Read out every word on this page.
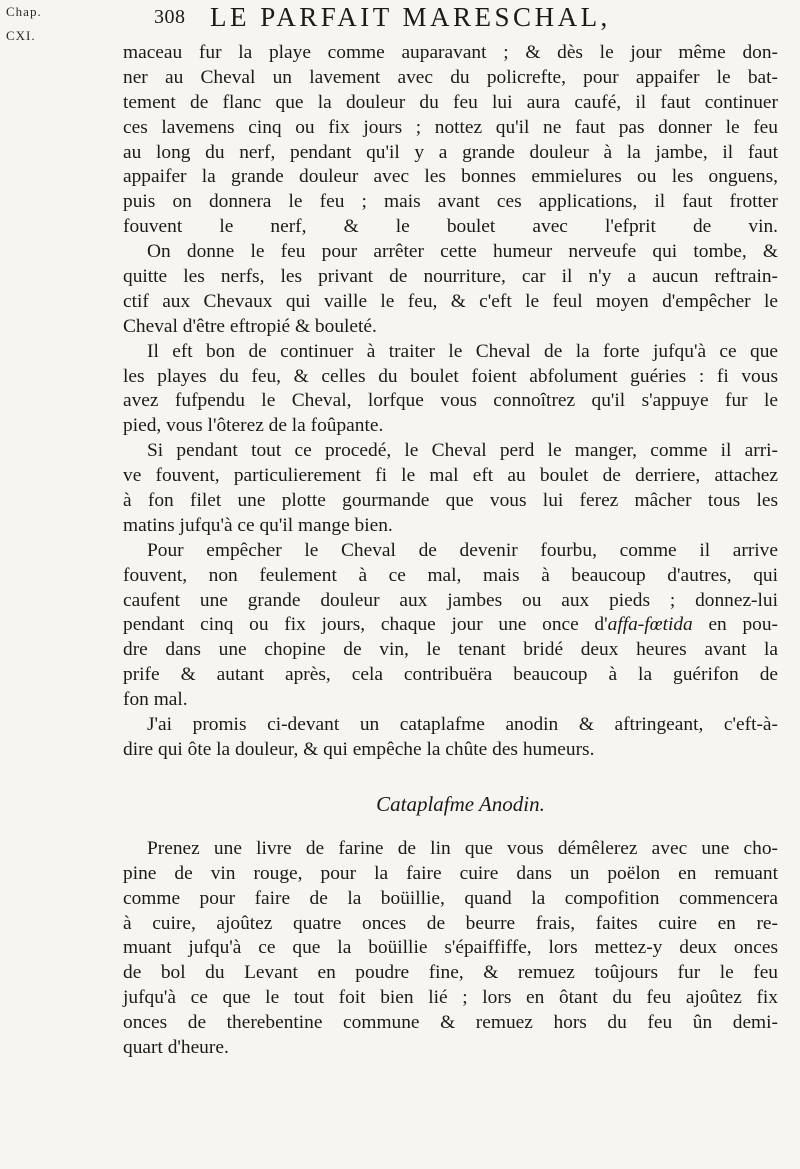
Chap.
CXI.
308 LE PARFAIT MARESCHAL,
maceau fur la playe comme auparavant ; & dès le jour même don-
ner au Cheval un lavement avec du policrefte, pour appaifer le bat-
tement de flanc que la douleur du feu lui aura caufé, il faut continuer
ces lavemens cinq ou fix jours ; nottez qu'il ne faut pas donner le feu
au long du nerf, pendant qu'il y a grande douleur à la jambe, il faut
appaifer la grande douleur avec les bonnes emmielures ou les onguens,
puis on donnera le feu ; mais avant ces applications, il faut frotter
fouvent le nerf, & le boulet avec l'efprit de vin.
On donne le feu pour arrêter cette humeur nerveufe qui tombe, &
quitte les nerfs, les privant de nourriture, car il n'y a aucun reftrain-
ctif aux Chevaux qui vaille le feu, & c'eft le feul moyen d'empêcher le
Cheval d'être eftropié & bouleté.
Il eft bon de continuer à traiter le Cheval de la forte jufqu'à ce que
les playes du feu, & celles du boulet foient abfolument guéries : fi vous
avez fufpendu le Cheval, lorfque vous connoîtrez qu'il s'appuye fur le
pied, vous l'ôterez de la foûpante.
Si pendant tout ce procedé, le Cheval perd le manger, comme il arri-
ve fouvent, particulierement fi le mal eft au boulet de derriere, attachez
à fon filet une plotte gourmande que vous lui ferez mâcher tous les
matins jufqu'à ce qu'il mange bien.
Pour empêcher le Cheval de devenir fourbu, comme il arrive
fouvent, non feulement à ce mal, mais à beaucoup d'autres, qui
caufent une grande douleur aux jambes ou aux pieds ; donnez-lui
pendant cinq ou fix jours, chaque jour une once d'affa-fœtida en pou-
dre dans une chopine de vin, le tenant bridé deux heures avant la
prife & autant après, cela contribuëra beaucoup à la guérifon de
fon mal.
J'ai promis ci-devant un cataplafme anodin & aftringeant, c'eft-à-
dire qui ôte la douleur, & qui empêche la chûte des humeurs.
Cataplafme Anodin.
Prenez une livre de farine de lin que vous démêlerez avec une cho-
pine de vin rouge, pour la faire cuire dans un poëlon en remuant
comme pour faire de la boüillie, quand la compofition commencera
à cuire, ajoûtez quatre onces de beurre frais, faites cuire en re-
muant jufqu'à ce que la boüillie s'épaiffiffe, lors mettez-y deux onces
de bol du Levant en poudre fine, & remuez toûjours fur le feu
jufqu'à ce que le tout foit bien lié ; lors en ôtant du feu ajoûtez fix
onces de therebentine commune & remuez hors du feu ûn demi-
quart d'heure.
